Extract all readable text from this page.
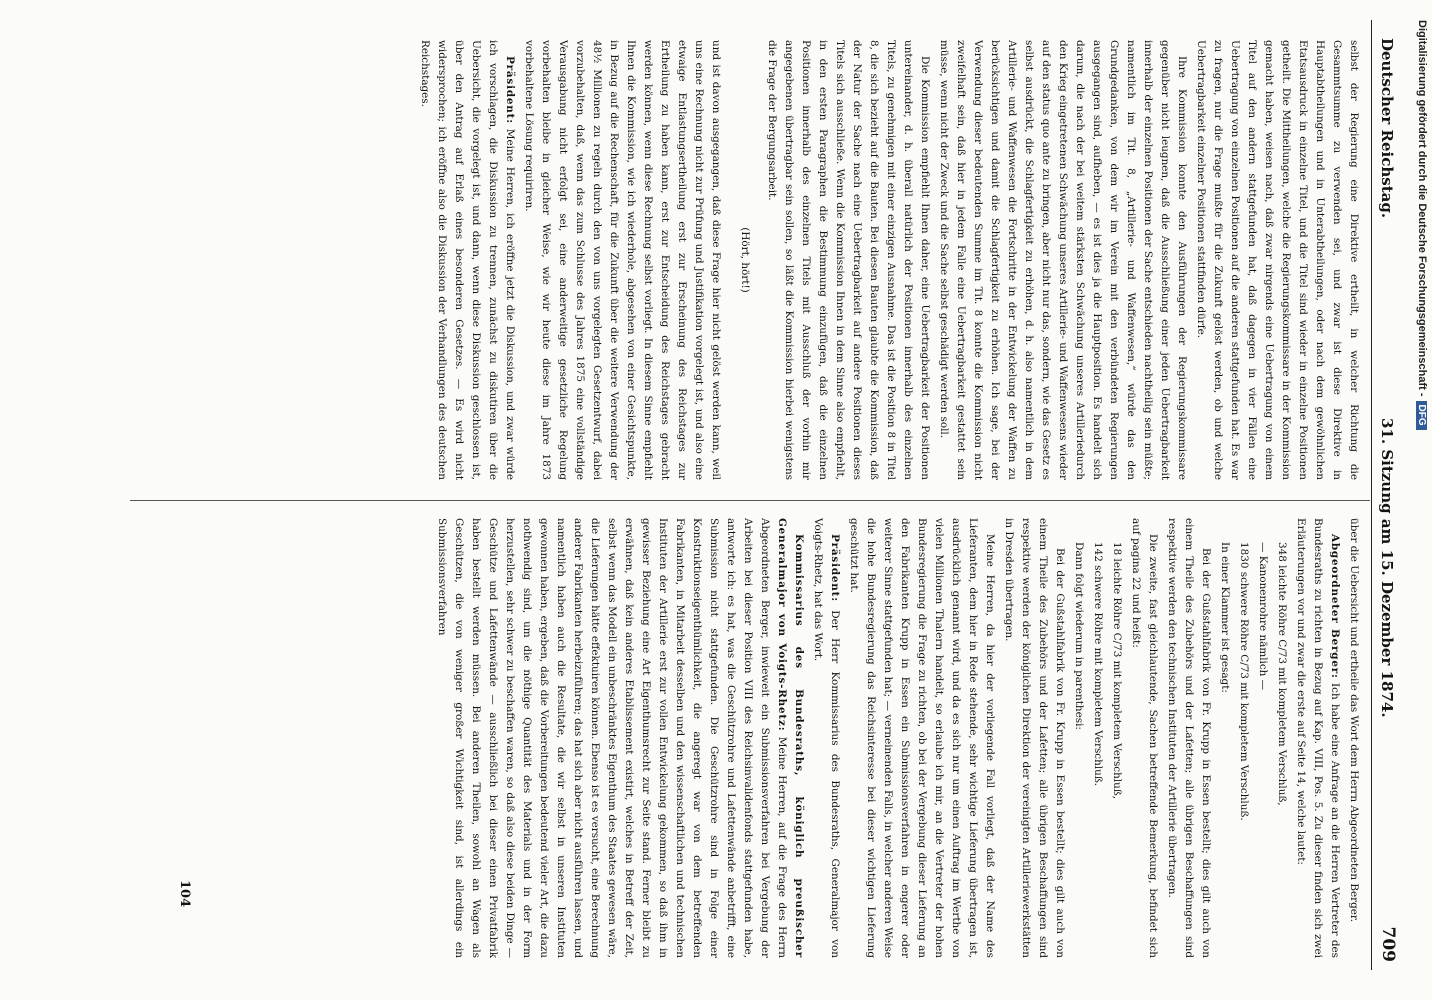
Deutscher Reichstag.
31. Sitzung am 15. Dezember 1874.
709

selbst der Regierung eine Direktive ertheilt, in welcher Richtung die Gesammtsumme zu verwenden sei, und zwar ist diese Direktive in Hauptabtheilungen und in Unterabtheilungen, oder nach dem gewöhnlichen Etatsausdruck in einzelne Titel, und die Titel sind wieder in einzelne Positionen getheilt. Die Mittheilungen, welche die Regierungskommissare in der Kommission gemacht haben, weisen nach, daß zwar nirgends eine Uebertragung von einem Titel auf den andern stattgefunden hat, daß dagegen in vier Fällen eine Uebertragung von einzelnen Positionen auf die anderen stattgefunden hat. Es war zu fragen, nur die Frage mußte für die Zukunft gelöst werden, ob und welche Uebertragbarkeit einzelner Positionen stattfinden dürfe.

Ihre Kommission konnte den Ausführungen der Regierungskommissare gegenüber nicht leugnen, daß die Ausschließung einer jeden Uebertragbarkeit innerhalb der einzelnen Positionen der Sache entschieden nachtheilig sein müßte; namentlich im Tit. 8, „Artillerie- und Waffenwesen,“ würde das den Grundgedanken, von dem wir im Verein mit den verbündeten Regierungen ausgegangen sind, aufheben, — es ist dies ja die Hauptposition. Es handelt sich darum, die nach der bei weitem stärksten Schwächung unseres Artilleriedurch den Krieg eingetretenen Schwächung unseres Artillerie- und Waffenwesens wieder auf den status quo ante zu bringen, aber nicht nur das, sondern, wie das Gesetz es selbst ausdrückt, die Schlagfertigkeit zu erhöhen, d. h. also namentlich in dem Artillerie- und Waffenwesen die Fortschritte in der Entwickelung der Waffen zu berücksichtigen und damit die Schlagfertigkeit zu erhöhen. Ich sage, bei der Verwendung dieser bedeutenden Summe im Tit. 8 konnte die Kommission nicht zweifelhaft sein, daß hier in jedem Falle eine Uebertragbarkeit gestattet sein müsse, wenn nicht der Zweck und die Sache selbst geschädigt werden soll.

Die Kommission empfiehlt Ihnen daher, eine Uebertragbarkeit der Positionen untereinander, d. h. überall natürlich der Positionen innerhalb des einzelnen Titels, zu genehmigen mit einer einzigen Ausnahme. Das ist die Position 8 in Titel 8, die sich bezieht auf die Bauten. Bei diesen Bauten glaubte die Kommission, daß der Natur der Sache nach eine Uebertragbarkeit auf andere Positionen dieses Titels sich ausschließe. Wenn die Kommission Ihnen in dem Sinne also empfiehlt, in den ersten Paragraphen die Bestimmung einzufügen, daß die einzelnen Positionen innerhalb des einzelnen Titels mit Ausschluß der vorhin mir angegebenen übertragbar sein sollen, so läßt die Kommission hierbei wenigstens die Frage der Bergungsarbeit.

(Hört, hört!)

und ist davon ausgegangen, daß diese Frage hier nicht gelöst werden kann, weil uns eine Rechnung nicht zur Prüfung und Justifikation vorgelegt ist, und also eine etwaige Entlastungsertheilung erst zur Erscheinung des Reichstages zur Ertheilung zu haben kann, erst zur Entscheidung des Reichstages gebracht werden können, wenn diese Rechnung selbst vorliegt. In diesem Sinne empfiehlt Ihnen die Kommission, wie ich wiederhole, abgesehen von einer Gesichtspunkte, in Bezug auf die Rechenschaft, für die Zukunft über die weitere Verwendung der 48½ Millionen zu regeln durch den von uns vorgelegten Gesetzentwurf, dabei vorzubehalten, daß, wenn das zum Schlusse des Jahres 1875 eine vollständige Verausgabung nicht erfolgt sei, eine anderweitige gesetzliche Regelung vorbehalten bleibe in gleicher Weise, wie wir heute diese im Jahre 1873 vorbehaltene Lösung requiriren.

Präsident: Meine Herren, ich eröffne jetzt die Diskussion, und zwar würde ich vorschlagen, die Diskussion zu trennen, zunächst zu diskutiren über die Uebersicht, die vorgelegt ist, und dann, wenn diese Diskussion geschlossen ist, über den Antrag auf Erlaß eines besonderen Gesetzes. — Es wird nicht widersprochen; ich eröffne also die Diskussion der Verhandlungen des deutschen Reichstages.

über die Uebersicht und ertheile das Wort dem Herrn Abgeordneten Berger.

Abgeordneter Berger: Ich habe eine Anfrage an die Herren Vertreter des Bundesraths zu richten in Bezug auf Kap. VIII, Pos. 5. Zu dieser finden sich zwei Erläuterungen vor und zwar die erste auf Seite 14, welche lautet:

348 leichte Röhre C/73 mit kompletem Verschluß,

— Kanonenrohre nämlich —

1830 schwere Röhre C/73 mit kompletem Verschluß.

In einer Klammer ist gesagt:

Bei der Gußstahlfabrik von Fr. Krupp in Essen bestellt; dies gilt auch von einem Theile des Zubehörs und der Lafetten; alle übrigen Beschaffungen sind respektive werden den technischen Instituten der Artillerie übertragen.

Die zweite, fast gleichlautende, Sachen betreffende Bemerkung, befindet sich auf pagina 22 und heißt:

18 leichte Röhre C/73 mit kompletem Verschluß,

142 schwere Röhre mit kompletem Verschluß.

Dann folgt wiederum in parenthesi:

Bei der Gußstahlfabrik von Fr. Krupp in Essen bestellt; dies gilt auch von einem Theile des Zubehörs und der Lafetten; alle übrigen Beschaffungen sind respektive werden der königlichen Direktion der vereinigten Artilleriewerkstätten in Dresden übertragen.

Meine Herren, da hier der vorliegende Fall vorliegt, daß der Name des Lieferanten, dem hier in Rede stehende, sehr wichtige Lieferung übertragen ist, ausdrücklich genannt wird, und da es sich nur um einen Auftrag im Werthe von vielen Millionen Thalern handelt, so erlaube ich mir, an die Vertreter der hohen Bundesregierung die Frage zu richten, ob bei der Vergebung dieser Lieferung an den Fabrikanten Krupp in Essen ein Submissionsverfahren in engerer oder weiterer Sinne stattgefunden hat; — verneinenden Falls, in welcher anderen Weise die hohe Bundesregierung das Reichsinteresse bei dieser wichtigen Lieferung geschützt hat.

Präsident: Der Herr Kommissarius des Bundesraths, Generalmajor von Voigts-Rhetz, hat das Wort.

Kommissarius des Bundesraths, königlich preußischer Generalmajor von Voigts-Rhetz: Meine Herren, auf die Frage des Herrn Abgeordneten Berger, inwieweit ein Submissionsverfahren bei Vergebung der Arbeiten bei dieser Position VIII des Reichsinvalidenfonds stattgefunden habe, antworte ich: es hat, was die Geschützrohre und Lafettenwände anbetrifft, eine Submission nicht stattgefunden. Die Geschützrohre sind in Folge einer Konstruktionseigenthümlichkeit, die angeregt war von dem betreffenden Fabrikanten, in Mitarbeit desselben und den wissenschaftlichen und technischen Instituten der Artillerie erst zur vollen Entwickelung gekommen, so daß ihm in gewisser Beziehung eine Art Eigenthumsrecht zur Seite stand. Ferner bleibt zu erwähnen, daß kein anderes Etablissement existirt, welches in Betreff der Zeit, selbst wenn das Modell ein unbeschränktes Eigenthum des Staates gewesen wäre, die Lieferungen hätte effektuiren können. Ebenso ist es versucht, eine Berechnung anderer Fabrikanten herbeizuführen; das hat sich aber nicht ausführen lassen, und namentlich haben auch die Resultate, die wir selbst in unseren Instituten gewonnen haben, ergeben, daß die Vorbereitungen bedeutend vieler Art, die dazu nothwendig sind, um die nöthige Quantität des Materials und in der Form herzustellen, sehr schwer zu beschaffen waren, so daß also diese beiden Dinge — Geschütze und Lafettenwände — ausschließlich bei dieser einen Privatfabrik haben bestellt werden müssen. Bei anderen Theilen, sowohl an Wagen als Geschützen, die von weniger großer Wichtigkeit sind, ist allerdings ein Submissionsverfahren

104
Digitalisierung gefördert durch die Deutsche Forschungsgemeinschaft -DFG
